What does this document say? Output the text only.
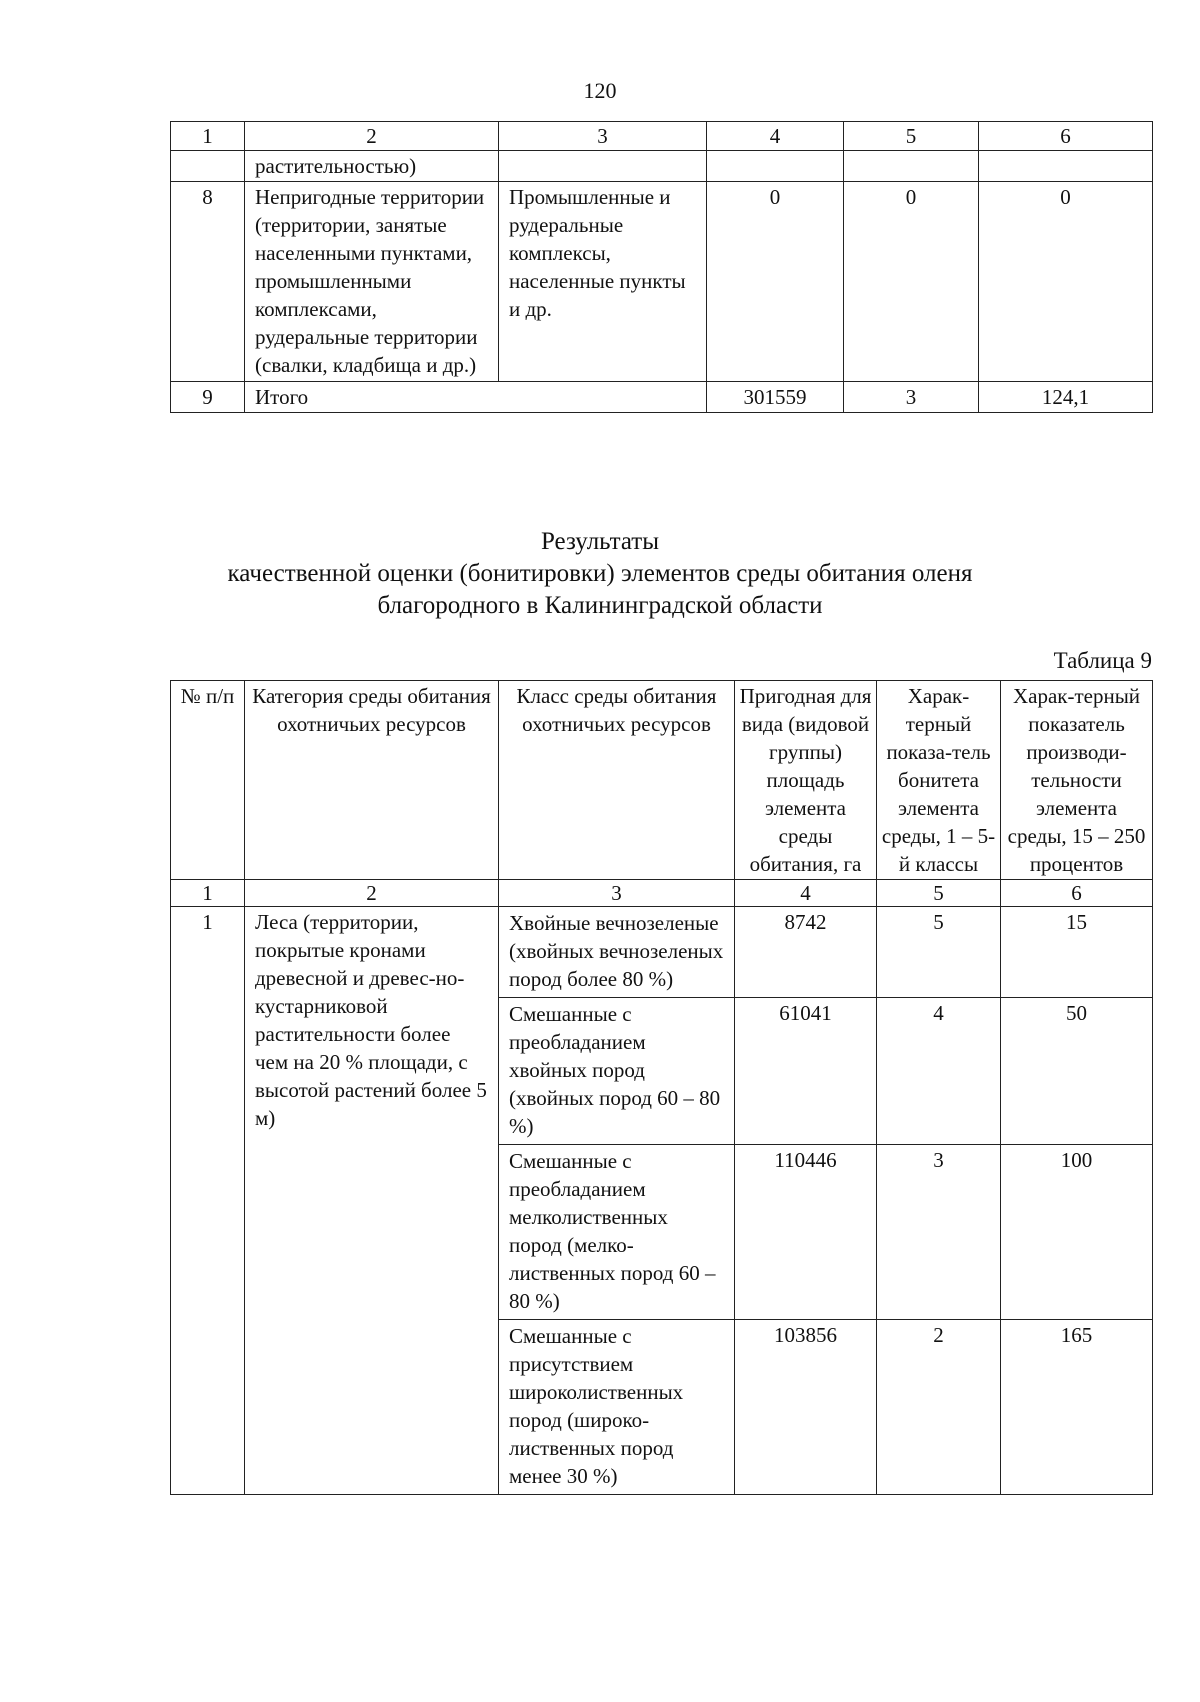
120
1	2	3	4	5	6
	растительностью)				
8	Непригодные территории (территории, занятые населенными пунктами, промышленными комплексами, рудеральные территории (свалки, кладбища и др.)	Промышленные и рудеральные комплексы, населенные пункты и др.	0	0	0
9	Итого		301559	3	124,1
Результаты
качественной оценки (бонитировки) элементов среды обитания оленя
благородного в Калининградской области
Таблица 9
№ п/п	Категория среды обитания охотничьих ресурсов	Класс среды обитания охотничьих ресурсов	Пригодная для вида (видовой группы) площадь элемента среды обитания, га	Харак-терный показа-тель бонитета элемента среды, 1 – 5-й классы	Харак-терный показатель производи-тельности элемента среды, 15 – 250 процентов
1	2	3	4	5	6
1	Леса (территории, покрытые кронами древесной и древес-но-кустарниковой растительности более чем на 20 % площади, с высотой растений более 5 м)	Хвойные вечнозеленые (хвойных вечнозеленых пород более 80 %)	8742	5	15
		Смешанные с преобладанием хвойных пород (хвойных пород 60 – 80 %)	61041	4	50
		Смешанные с преобладанием мелколиственных пород (мелко-лиственных пород 60 – 80 %)	110446	3	100
		Смешанные с присутствием широколиственных пород (широко-лиственных пород менее 30 %)	103856	2	165
